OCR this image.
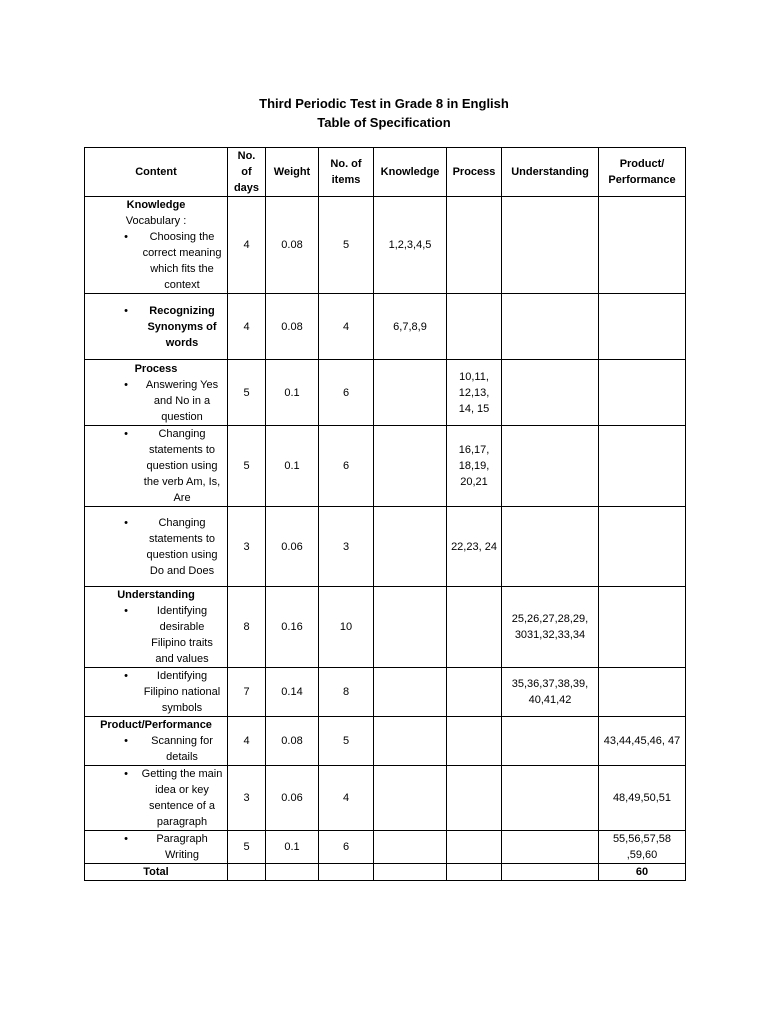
Third Periodic Test in Grade 8 in English
Table of Specification
Content	No. of days	Weight	No. of items	Knowledge	Process	Understanding	Product/ Performance

Knowledge
Vocabulary :
• Choosing the correct meaning which fits the context	4	0.08	5	1,2,3,4,5			

• Recognizing Synonyms of words	4	0.08	4	6,7,8,9			

Process
• Answering Yes and No in a question	5	0.1	6		10,11, 12,13, 14, 15		

• Changing statements to question using the verb Am, Is, Are	5	0.1	6		16,17, 18,19, 20,21		

• Changing statements to question using Do and Does	3	0.06	3		22,23, 24		

Understanding
• Identifying desirable Filipino traits and values	8	0.16	10			25,26,27,28,29, 3031,32,33,34	

• Identifying Filipino national symbols	7	0.14	8			35,36,37,38,39, 40,41,42	

Product/Performance
• Scanning for details	4	0.08	5				43,44,45,46, 47

• Getting the main idea or key sentence of a paragraph	3	0.06	4				48,49,50,51

• Paragraph Writing	5	0.1	6				55,56,57,58 ,59,60
Total							60
